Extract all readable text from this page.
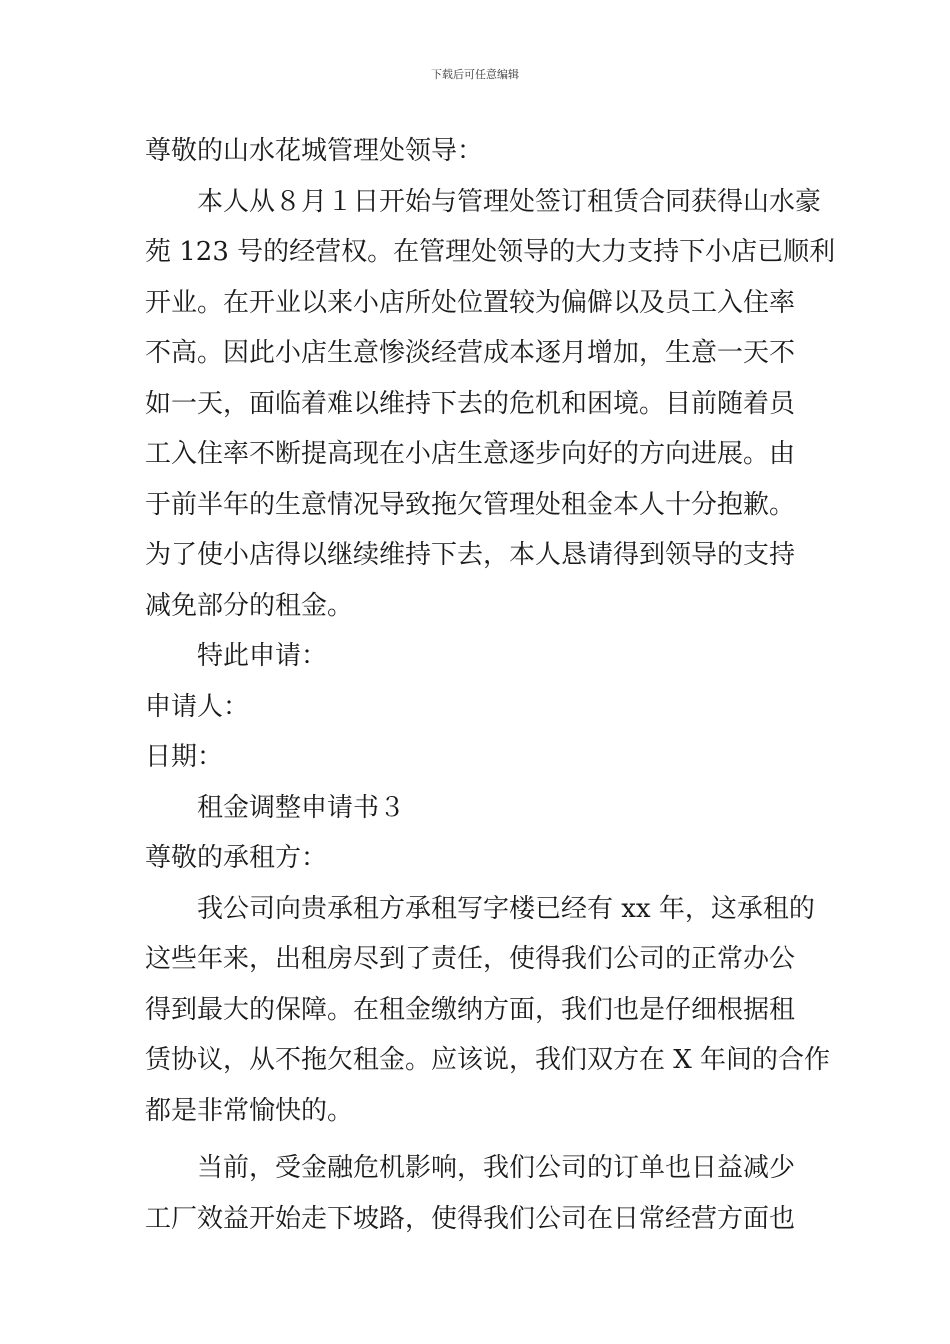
下载后可任意编辑
尊敬的山水花城管理处领导：
本人从８月１日开始与管理处签订租赁合同获得山水豪
苑 123 号的经营权。在管理处领导的大力支持下小店已顺利
开业。在开业以来小店所处位置较为偏僻以及员工入住率
不高。因此小店生意惨淡经营成本逐月增加，生意一天不
如一天，面临着难以维持下去的危机和困境。目前随着员
工入住率不断提高现在小店生意逐步向好的方向进展。由
于前半年的生意情况导致拖欠管理处租金本人十分抱歉。
为了使小店得以继续维持下去，本人恳请得到领导的支持
减免部分的租金。
特此申请：
申请人：
日期：
租金调整申请书３
尊敬的承租方：
我公司向贵承租方承租写字楼已经有 xx 年，这承租的
这些年来，出租房尽到了责任，使得我们公司的正常办公
得到最大的保障。在租金缴纳方面，我们也是仔细根据租
赁协议，从不拖欠租金。应该说，我们双方在 X 年间的合作
都是非常愉快的。
当前，受金融危机影响，我们公司的订单也日益减少
工厂效益开始走下坡路，使得我们公司在日常经营方面也
